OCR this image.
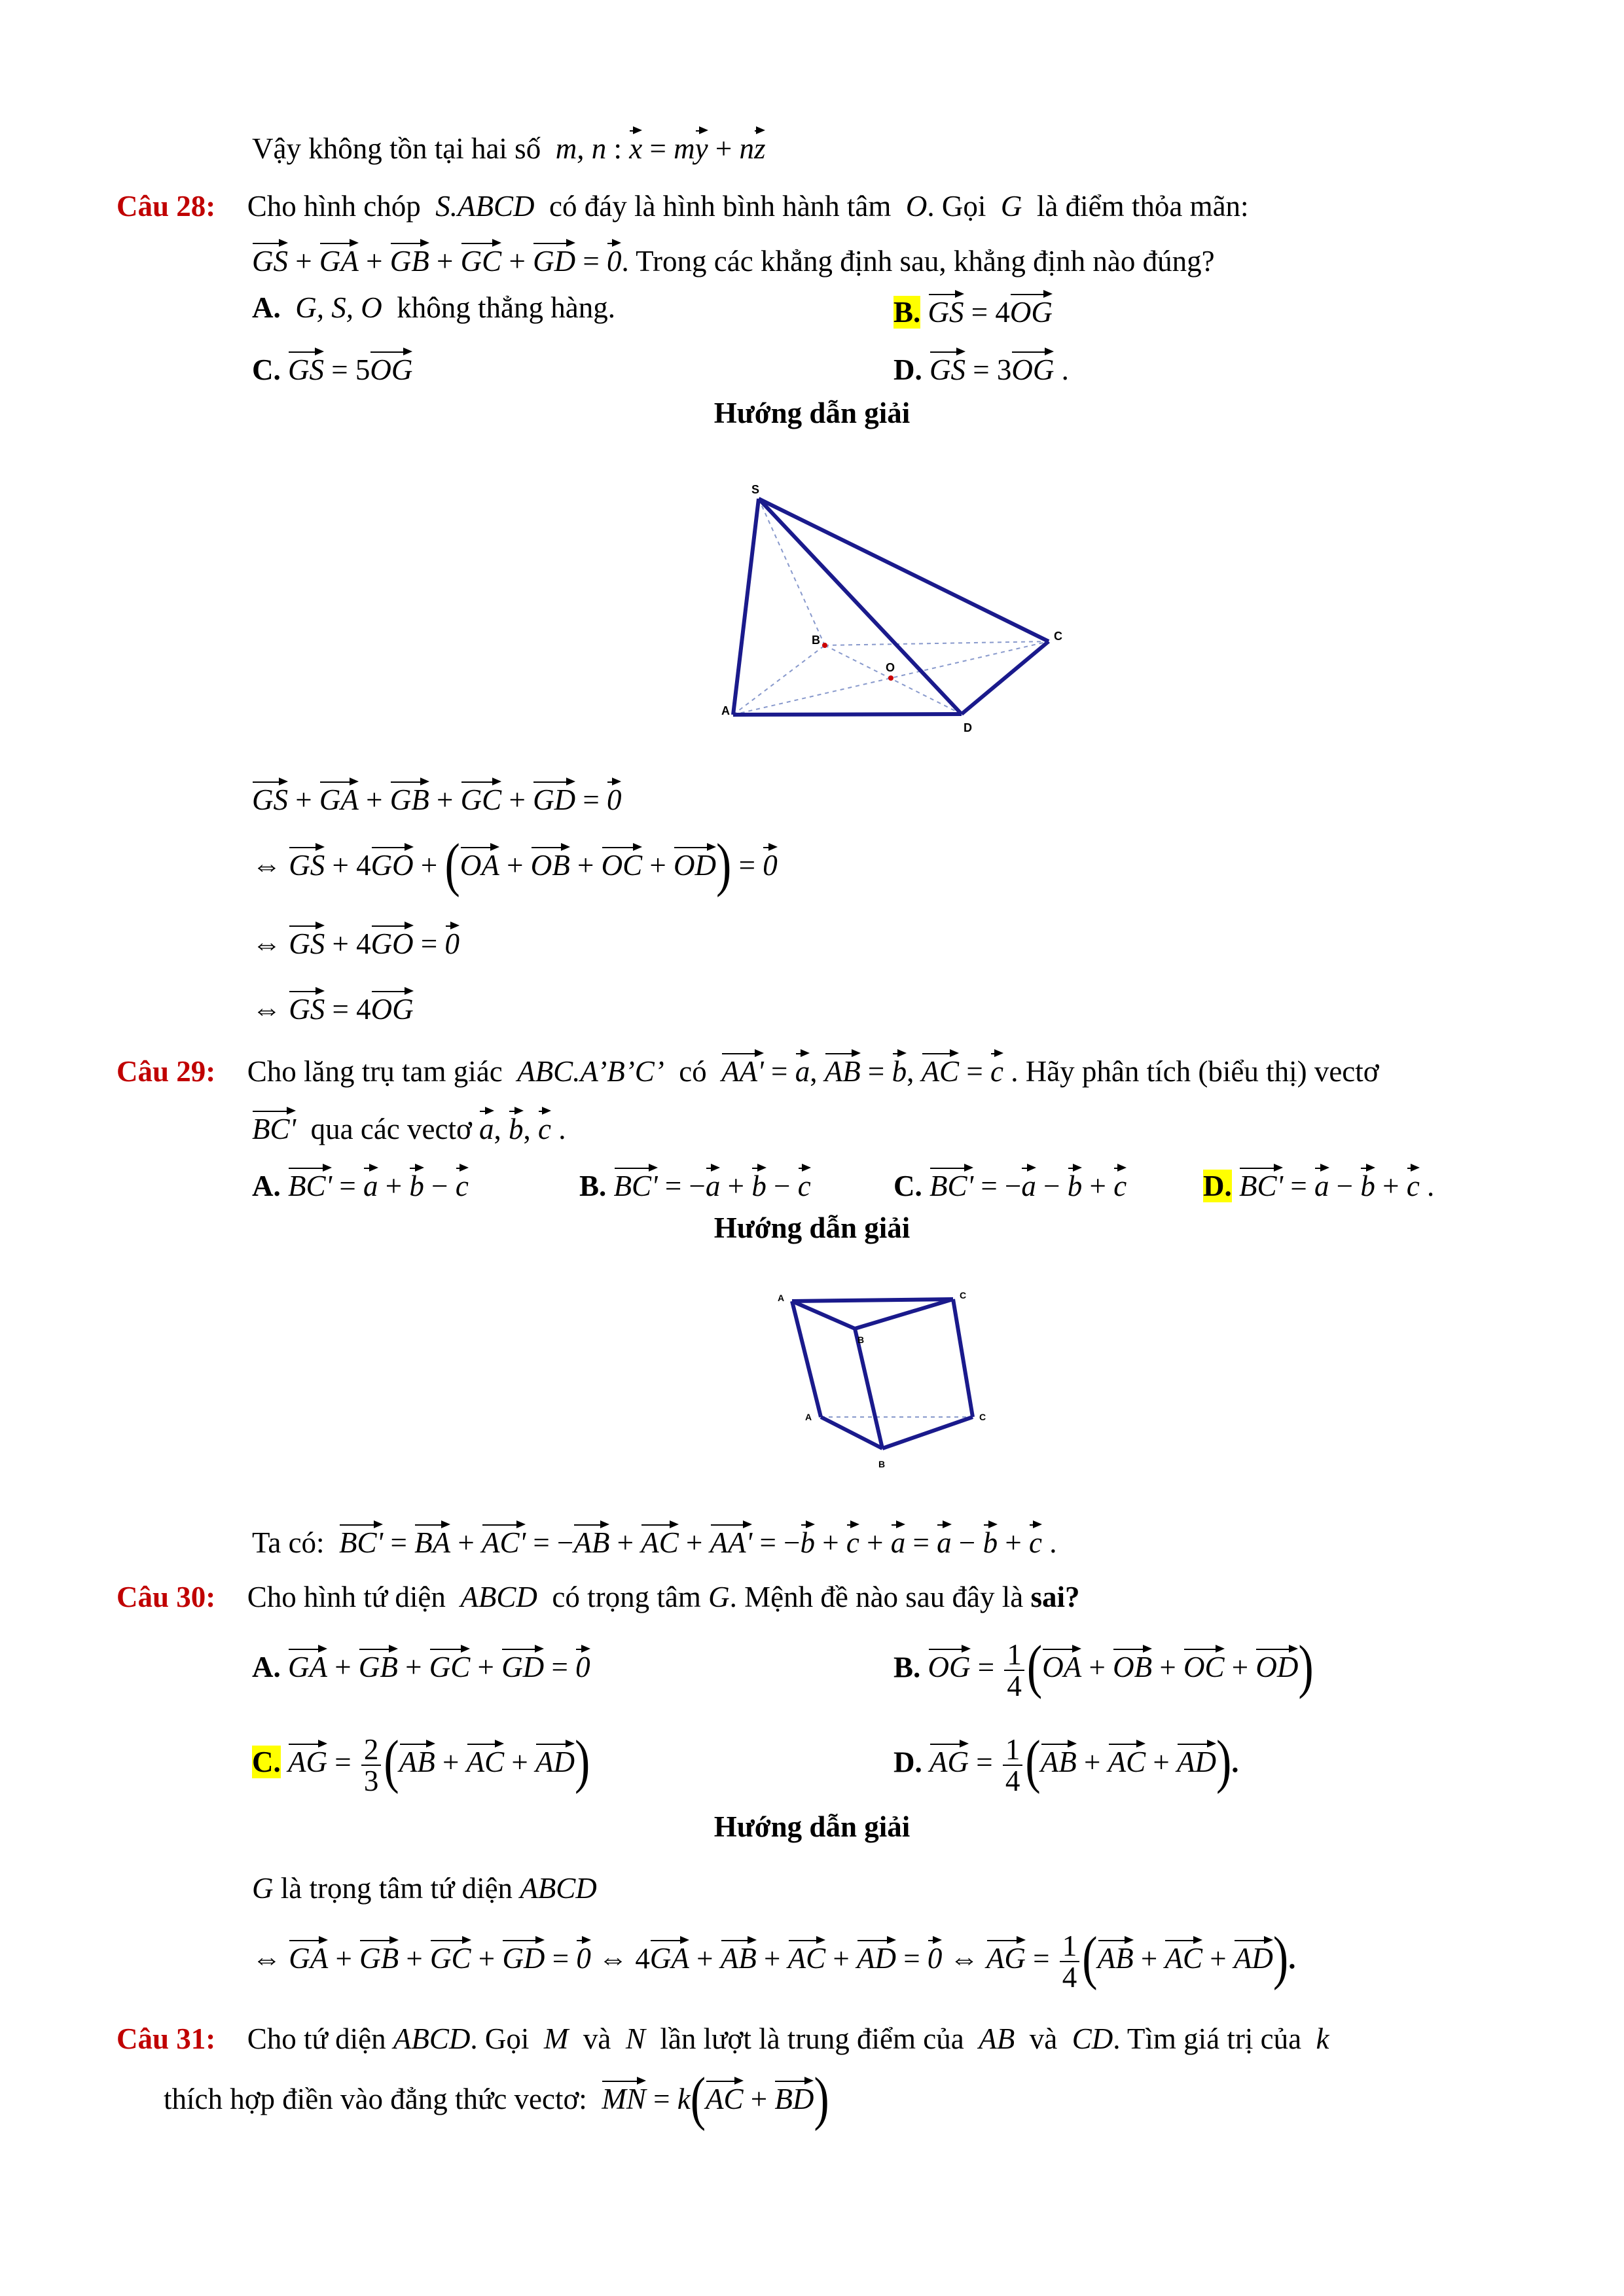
Vậy không tồn tại hai số  m, n : x = my + nz
Câu 28: Cho hình chóp  S.ABCD  có đáy là hình bình hành tâm  O. Gọi  G  là điểm thỏa mãn:
GS + GA + GB + GC + GD = 0. Trong các khẳng định sau, khẳng định nào đúng?
A.  G, S, O  không thẳng hàng.	B. GS = 4OG
C. GS = 5OG	D. GS = 3OG .
Hướng dẫn giải
S
B	C
O
A
D
GS + GA + GB + GC + GD = 0
⇔ GS + 4GO + (OA + OB + OC + OD) = 0
⇔ GS + 4GO = 0
⇔ GS = 4OG
Câu 29: Cho lăng trụ tam giác  ABC.A’B’C’  có AA' = a, AB = b, AC = c . Hãy phân tích (biểu thị) vectơ
BC' qua các vectơ a, b, c .
A. BC' = a + b − c	B. BC' = −a + b − c	C. BC' = −a − b + c	D. BC' = a − b + c .
Hướng dẫn giải
A	C
B
A	C
B
Ta có: BC' = BA + AC' = −AB + AC + AA' = −b + c + a = a − b + c .
Câu 30: Cho hình tứ diện  ABCD  có trọng tâm G. Mệnh đề nào sau đây là sai?
A. GA + GB + GC + GD = 0	B. OG = $\frac{1}{4} (OA$ + OB + OC + OD)
C. AG = $\frac{2}{3} (AB$ + AC + AD)	D. AG = $\frac{1}{4} (AB$ + AC + AD).
Hướng dẫn giải
G là trọng tâm tứ diện ABCD
⇔ GA + GB + GC + GD = 0 ⇔ 4GA + AB + AC + AD = 0 ⇔ AG = $\frac{1}{4} (AB$ + AC + AD).
Câu 31: Cho tứ diện ABCD. Gọi  M  và  N  lần lượt là trung điểm của  AB  và  CD. Tìm giá trị của  k
thích hợp điền vào đẳng thức vectơ: MN = k(AC + BD)
